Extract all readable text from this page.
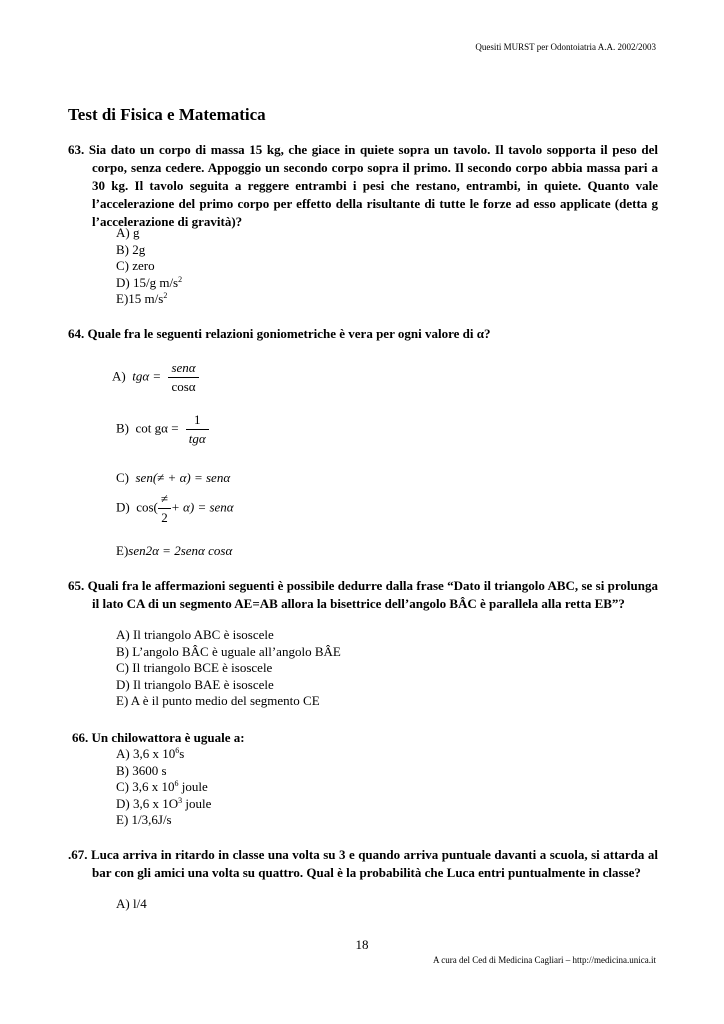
Quesiti MURST per Odontoiatria A.A. 2002/2003
Test di Fisica e Matematica
63. Sia dato un corpo di massa 15 kg, che giace in quiete sopra un tavolo. Il tavolo sopporta il peso del corpo, senza cedere. Appoggio un secondo corpo sopra il primo. Il secondo corpo abbia massa pari a 30 kg. Il tavolo seguita a reggere entrambi i pesi che restano, entrambi, in quiete. Quanto vale l’accelerazione del primo corpo per effetto della risultante di tutte le forze ad esso applicate (detta g l’accelerazione di gravità)?
A) g
B) 2g
C) zero
D) 15/g $m/s^2$
E)15 $m/s^2$
64. Quale fra le seguenti relazioni goniometriche è vera per ogni valore di α?
A) $tg\alpha = \frac{\text{senα}}{\cos\alpha}$
B) $\cot g\alpha = \frac{1}{\text{tgα}}$
C) sen(≠ + α) = senα
D) $\cos( \frac{\ne}{2} + \alpha) = sen\alpha$
E)sen2α = 2senα cosα
65. Quali fra le affermazioni seguenti è possibile dedurre dalla frase “Dato il triangolo ABC, se si prolunga il lato CA di un segmento AE=AB allora la bisettrice dell’angolo BÂC è parallela alla retta EB”?
A) Il triangolo ABC è isoscele
B) L’angolo BÂC è uguale all’angolo BÂE
C) Il triangolo BCE è isoscele
D) Il triangolo BAE è isoscele
E) A è il punto medio del segmento CE
66. Un chilowattora è uguale a:
A) 3,6 x $10^6s$
B) 3600 s
C) 3,6 x $10^6$ joule
D) 3,6 x $1O^3$ joule
E) 1/3,6J/s
.67. Luca arriva in ritardo in classe una volta su 3 e quando arriva puntuale davanti a scuola, si attarda al bar con gli amici una volta su quattro. Qual è la probabilità che Luca entri puntualmente in classe?
A) l/4
18
A cura del Ced di Medicina Cagliari – http://medicina.unica.it
